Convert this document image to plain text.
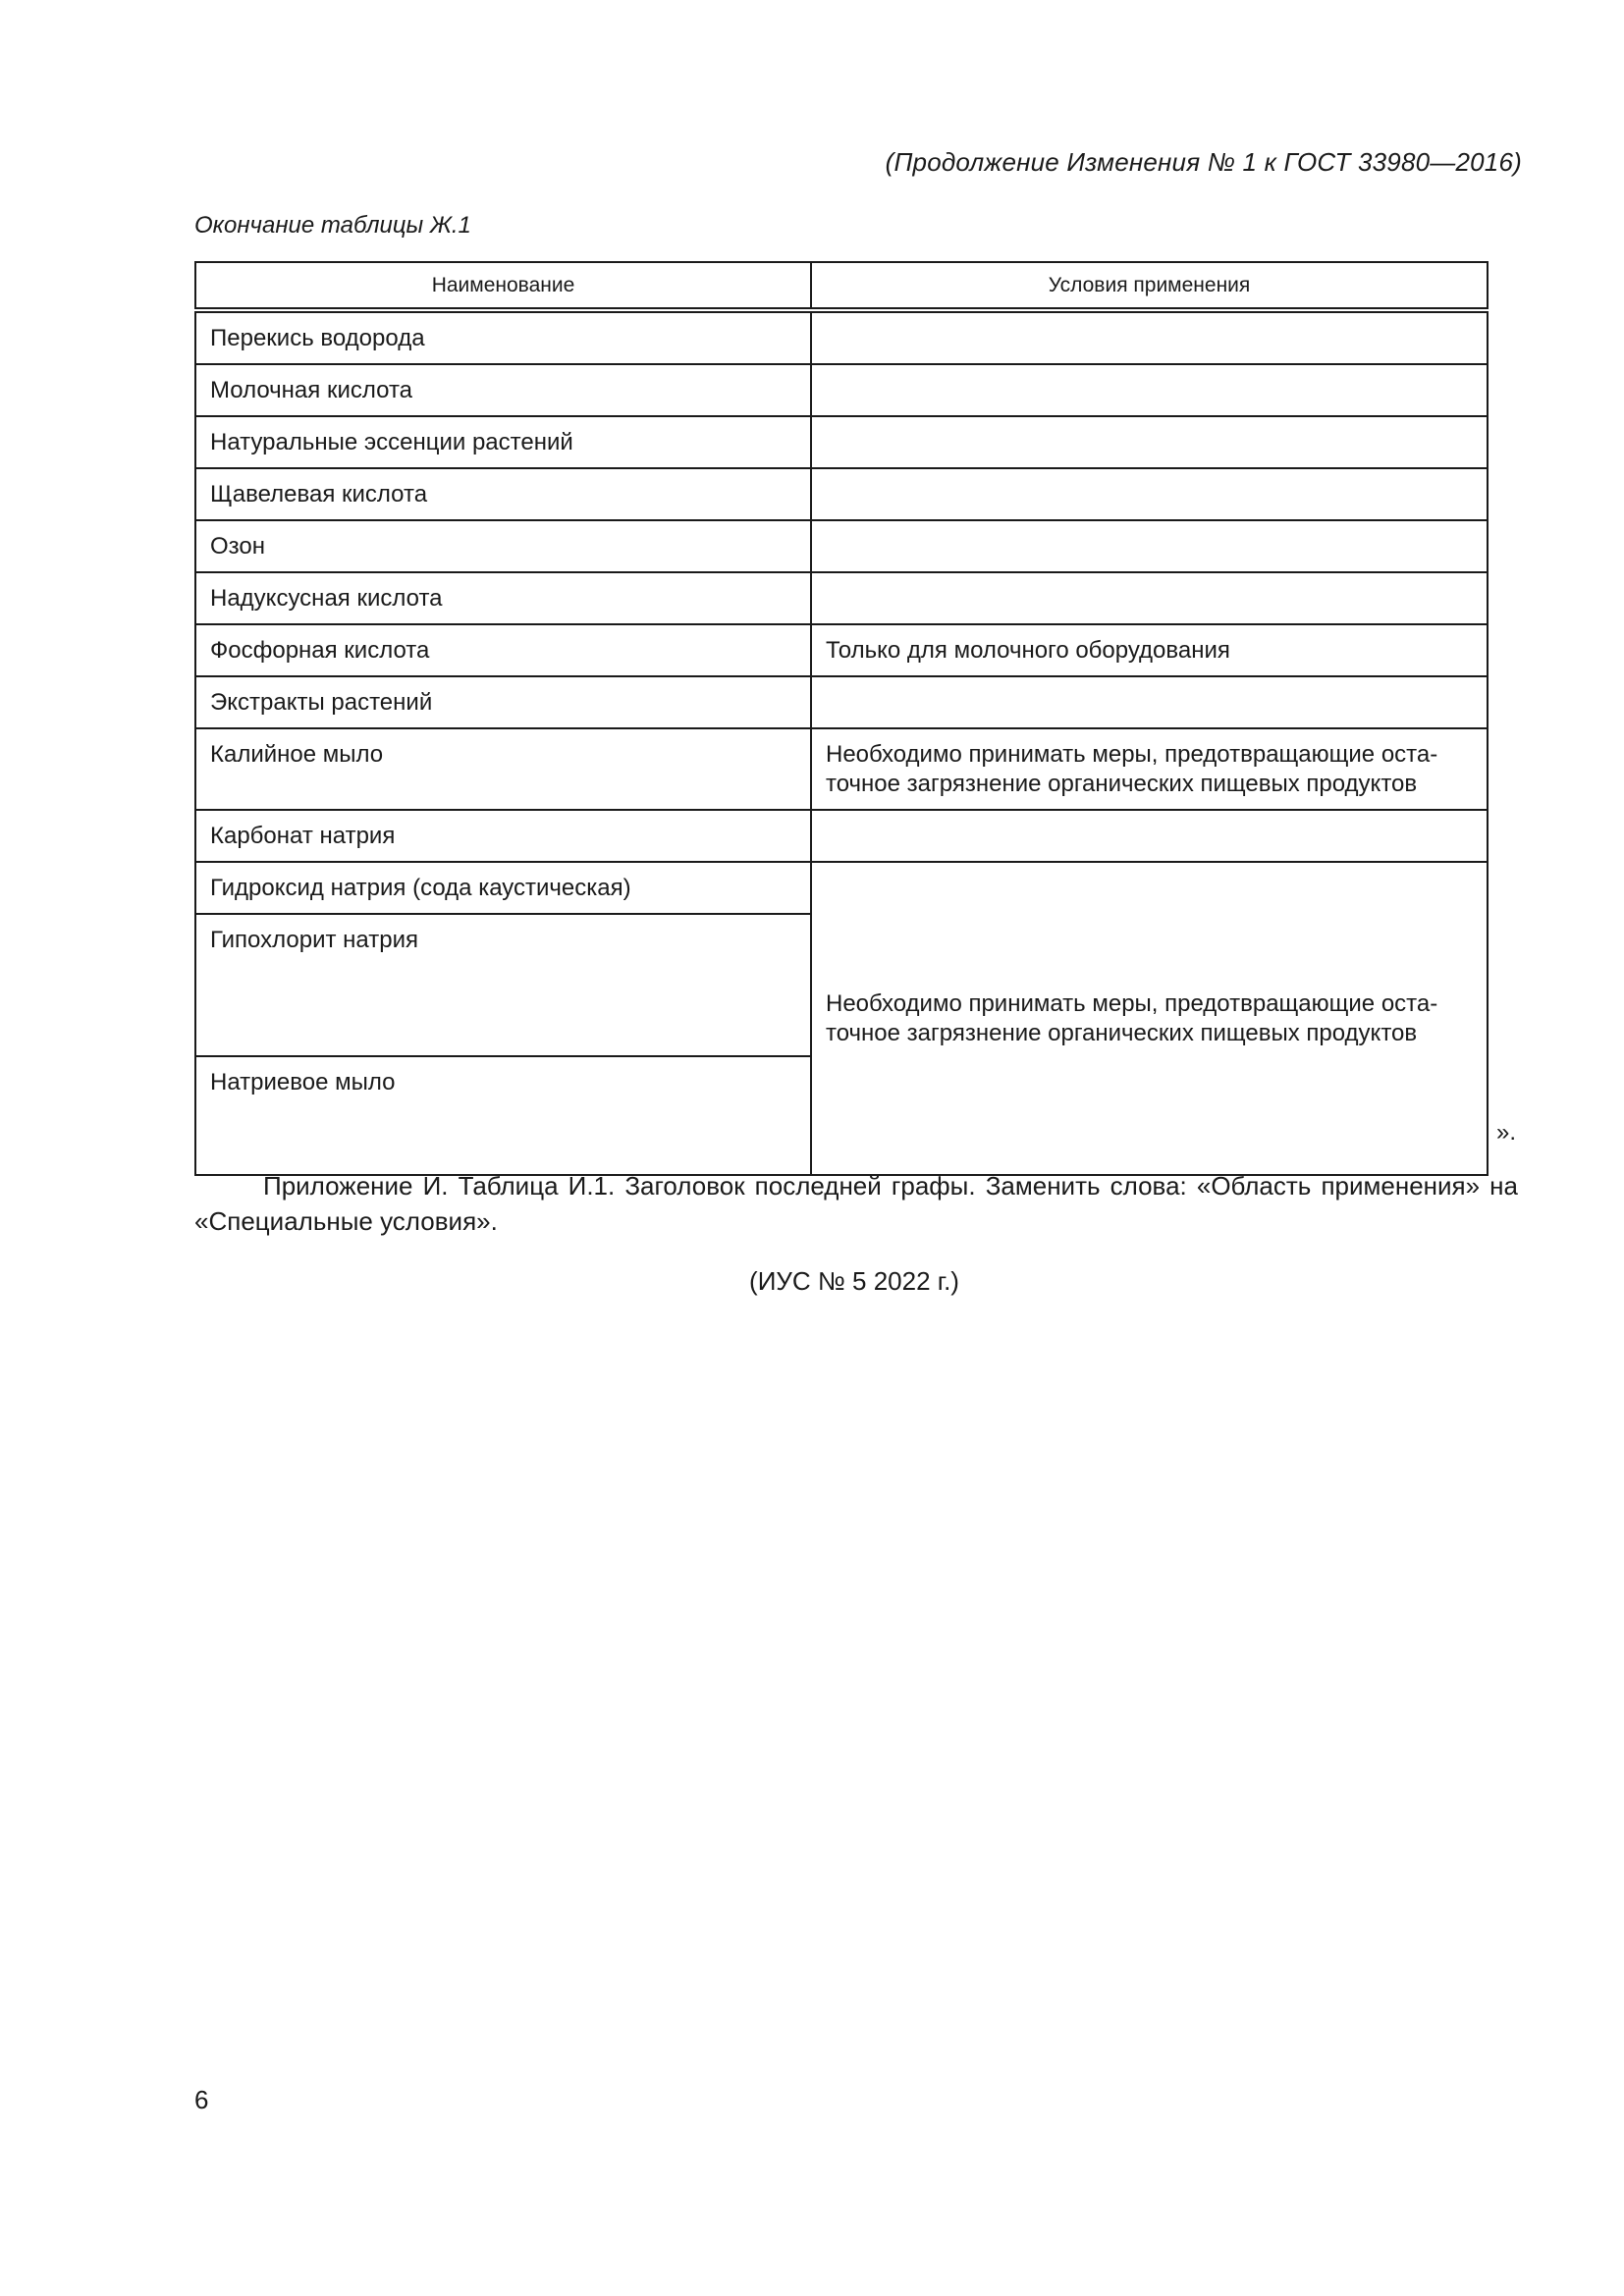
(Продолжение Изменения № 1 к ГОСТ 33980—2016)
Окончание таблицы Ж.1
Наименование	Условия применения
Перекись водорода	
Молочная кислота	
Натуральные эссенции растений	
Щавелевая кислота	
Озон	
Надуксусная кислота	
Фосфорная кислота	Только для молочного оборудования
Экстракты растений	
Калийное мыло	Необходимо принимать меры, предотвращающие оста-
точное загрязнение органических пищевых продуктов
Карбонат натрия	
Гидроксид натрия (сода каустическая)	Необходимо принимать меры, предотвращающие оста-
точное загрязнение органических пищевых продуктов
Гипохлорит натрия	
Натриевое мыло	
».

Приложение И. Таблица И.1. Заголовок последней графы. Заменить слова: «Область применения» на «Специальные условия».

(ИУС № 5 2022 г.)
6
